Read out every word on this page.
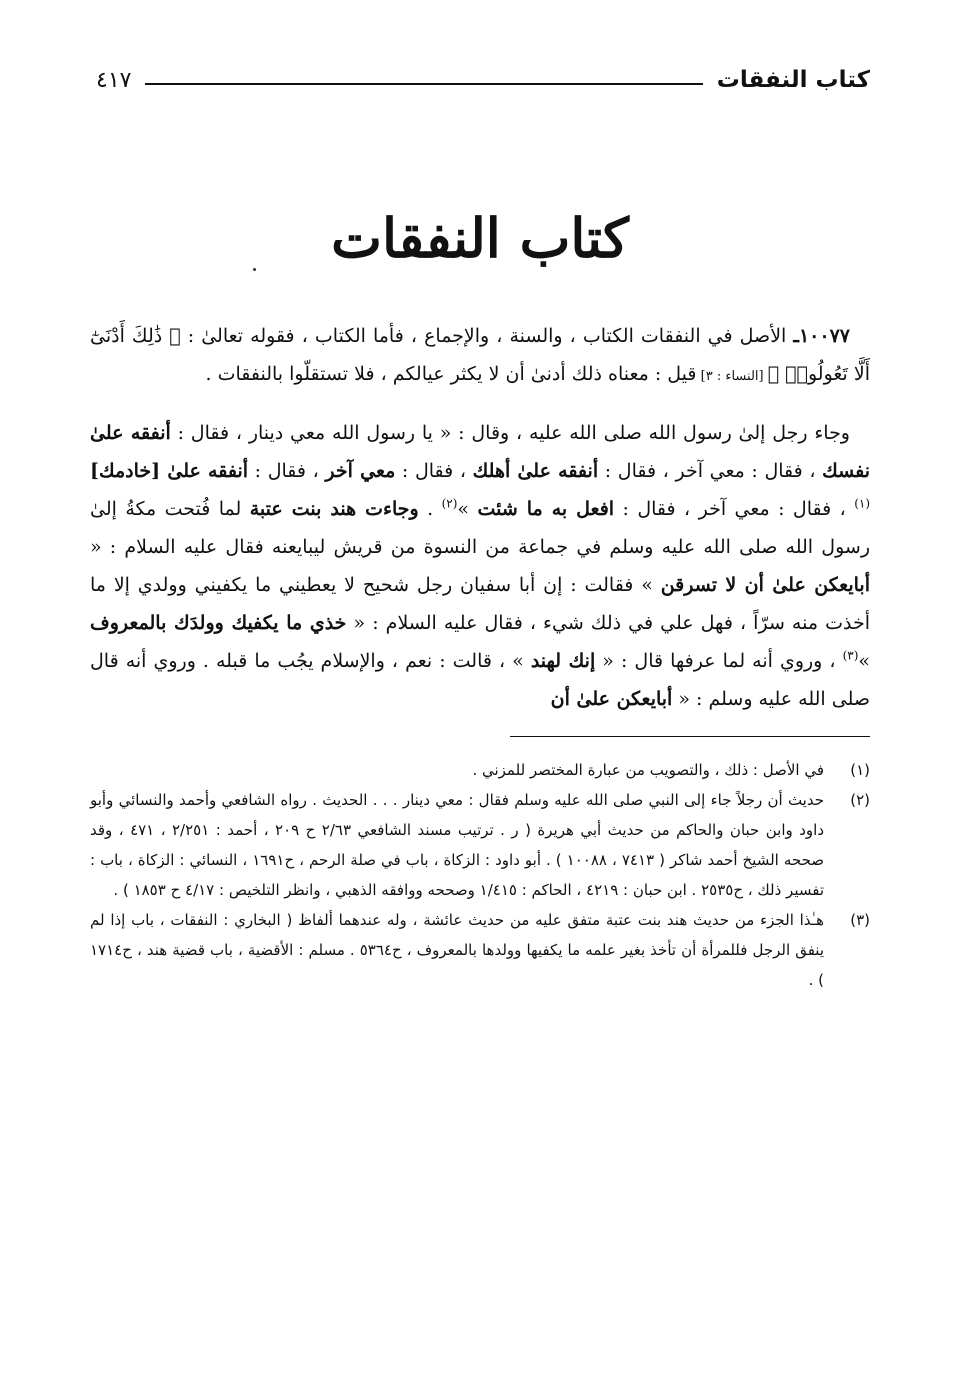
كتاب النفقات
٤١٧
كتاب النفقات

١٠٠٧٧ـ الأصل في النفقات الكتاب ، والسنة ، والإجماع ، فأما الكتاب ، فقوله تعالىٰ : ﴿ ذَٰلِكَ أَدْنَىٰٓ أَلَّا تَعُولُوا۟ ﴾ [النساء : ٣] قيل : معناه ذلك أدنىٰ أن لا يكثر عيالكم ، فلا تستقلّوا بالنفقات .

وجاء رجل إلىٰ رسول الله صلى الله عليه ، وقال : « يا رسول الله معي دينار ، فقال : أنفقه علىٰ نفسك ، فقال : معي آخر ، فقال : أنفقه علىٰ أهلك ، فقال : معي آخر ، فقال : أنفقه علىٰ [خادمك]$^{(١)}$ ، فقال : معي آخر ، فقال : افعل به ما شئت »$^{(٢)}$ . وجاءت هند بنت عتبة لما فُتحت مكةُ إلىٰ رسول الله صلى الله عليه وسلم في جماعة من النسوة من قريش ليبايعنه فقال عليه السلام : « أبايعكن علىٰ أن لا تسرقن » فقالت : إن أبا سفيان رجل شحيح لا يعطيني ما يكفيني وولدي إلا ما أخذت منه سرّاً ، فهل علي في ذلك شيء ، فقال عليه السلام : « خذي ما يكفيك وولدَك بالمعروف »$^{(٣)}$ ، وروي أنه لما عرفها قال : « إنك لهند » ، قالت : نعم ، والإسلام يجُب ما قبله . وروي أنه قال صلى الله عليه وسلم : « أبايعكن علىٰ أن

(١)
في الأصل : ذلك ، والتصويب من عبارة المختصر للمزني .
(٢)
حديث أن رجلاً جاء إلى النبي صلى الله عليه وسلم فقال : معي دينار . . . الحديث . رواه الشافعي وأحمد والنسائي وأبو داود وابن حبان والحاكم من حديث أبي هريرة ( ر . ترتيب مسند الشافعي ٢/٦٣ ح ٢٠٩ ، أحمد : ٢/٢٥١ ، ٤٧١ ، وقد صححه الشيخ أحمد شاكر ( ٧٤١٣ ، ١٠٠٨٨ ) . أبو داود : الزكاة ، باب في صلة الرحم ، ح١٦٩١ ، النسائي : الزكاة ، باب : تفسير ذلك ، ح٢٥٣٥ . ابن حبان : ٤٢١٩ ، الحاكم : ١/٤١٥ وصححه ووافقه الذهبي ، وانظر التلخيص : ٤/١٧ ح ١٨٥٣ ) .
(٣)
هـٰذا الجزء من حديث هند بنت عتبة متفق عليه من حديث عائشة ، وله عندهما ألفاظ ( البخاري : النفقات ، باب إذا لم ينفق الرجل فللمرأة أن تأخذ بغير علمه ما يكفيها وولدها بالمعروف ، ح٥٣٦٤ . مسلم : الأقضية ، باب قضية هند ، ح١٧١٤ ) .
